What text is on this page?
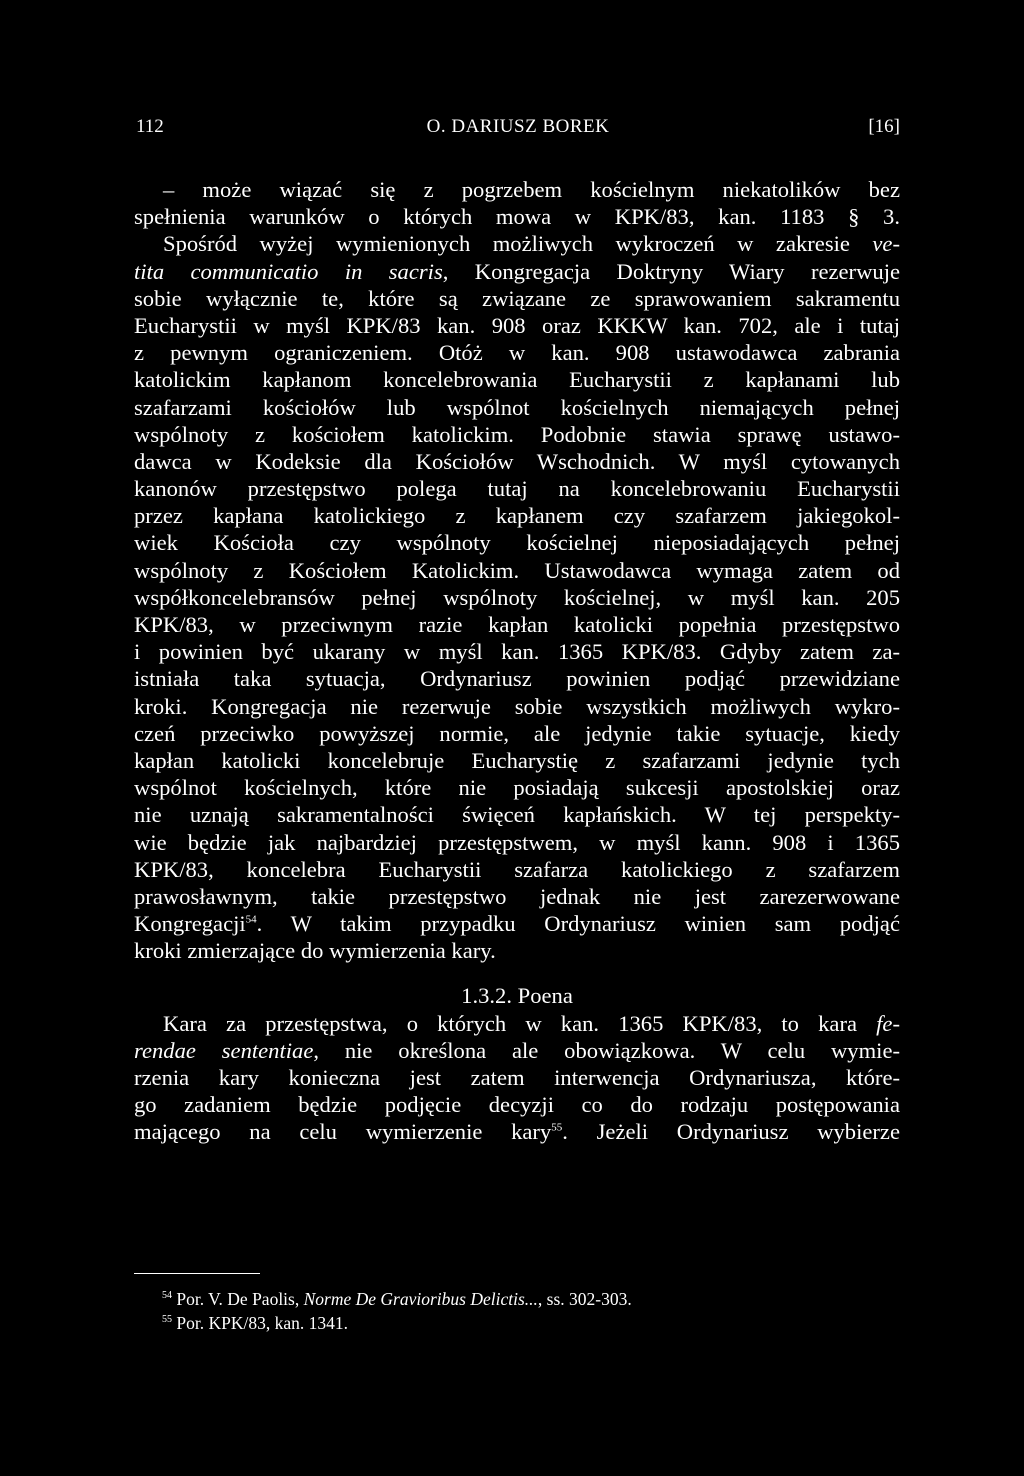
112	O. DARIUSZ BOREK	[16]
– może wiązać się z pogrzebem kościelnym niekatolików bez
spełnienia warunków o których mowa w KPK/83, kan. 1183 § 3.
Spośród wyżej wymienionych możliwych wykroczeń w zakresie ve-
tita communicatio in sacris, Kongregacja Doktryny Wiary rezerwuje
sobie wyłącznie te, które są związane ze sprawowaniem sakramentu
Eucharystii w myśl KPK/83 kan. 908 oraz KKKW kan. 702, ale i tutaj
z pewnym ograniczeniem. Otóż w kan. 908 ustawodawca zabrania
katolickim kapłanom koncelebrowania Eucharystii z kapłanami lub
szafarzami kościołów lub wspólnot kościelnych niemających pełnej
wspólnoty z kościołem katolickim. Podobnie stawia sprawę ustawo-
dawca w Kodeksie dla Kościołów Wschodnich. W myśl cytowanych
kanonów przestępstwo polega tutaj na koncelebrowaniu Eucharystii
przez kapłana katolickiego z kapłanem czy szafarzem jakiegokol-
wiek Kościoła czy wspólnoty kościelnej nieposiadających pełnej
wspólnoty z Kościołem Katolickim. Ustawodawca wymaga zatem od
współkoncelebransów pełnej wspólnoty kościelnej, w myśl kan. 205
KPK/83, w przeciwnym razie kapłan katolicki popełnia przestępstwo
i powinien być ukarany w myśl kan. 1365 KPK/83. Gdyby zatem za-
istniała taka sytuacja, Ordynariusz powinien podjąć przewidziane
kroki. Kongregacja nie rezerwuje sobie wszystkich możliwych wykro-
czeń przeciwko powyższej normie, ale jedynie takie sytuacje, kiedy
kapłan katolicki koncelebruje Eucharystię z szafarzami jedynie tych
wspólnot kościelnych, które nie posiadają sukcesji apostolskiej oraz
nie uznają sakramentalności święceń kapłańskich. W tej perspekty-
wie będzie jak najbardziej przestępstwem, w myśl kann. 908 i 1365
KPK/83, koncelebra Eucharystii szafarza katolickiego z szafarzem
prawosławnym, takie przestępstwo jednak nie jest zarezerwowane
Kongregacji$^{54}$. W takim przypadku Ordynariusz winien sam podjąć
kroki zmierzające do wymierzenia kary.
1.3.2. Poena
Kara za przestępstwa, o których w kan. 1365 KPK/83, to kara fe-
rendae sententiae, nie określona ale obowiązkowa. W celu wymie-
rzenia kary konieczna jest zatem interwencja Ordynariusza, które-
go zadaniem będzie podjęcie decyzji co do rodzaju postępowania
mającego na celu wymierzenie kary$^{55}$. Jeżeli Ordynariusz wybierze
$^{54}$ Por. V. De Paolis, Norme De Gravioribus Delictis..., ss. 302-303.
$^{55}$ Por. KPK/83, kan. 1341.
